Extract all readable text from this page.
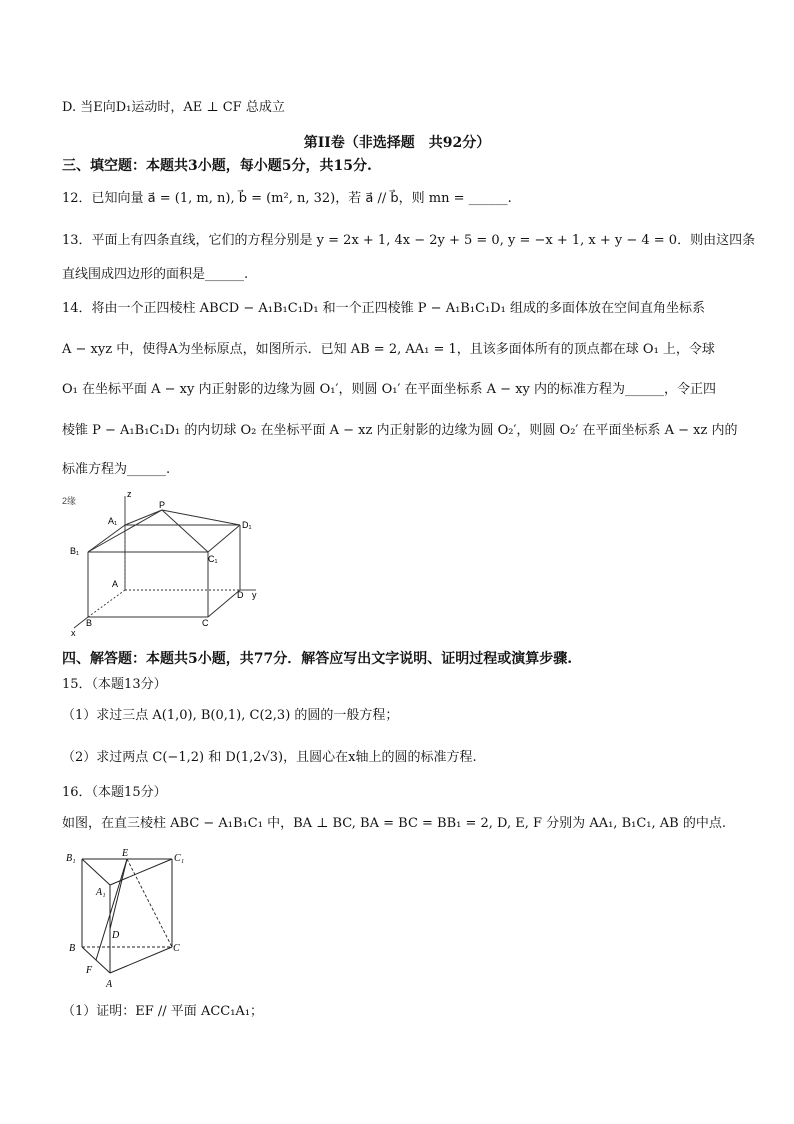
D. 当E向D₁运动时，AE ⊥ CF 总成立
第II卷（非选择题　共92分）
三、填空题：本题共3小题，每小题5分，共15分.
12．已知向量 a⃗ = (1, m, n), b⃗ = (m², n, 32)，若 a⃗ // b⃗，则 mn = ______.
13．平面上有四条直线，它们的方程分别是 y = 2x + 1, 4x − 2y + 5 = 0, y = −x + 1, x + y − 4 = 0．则由这四条
直线围成四边形的面积是______.
14．将由一个正四棱柱 ABCD − A₁B₁C₁D₁ 和一个正四棱锥 P − A₁B₁C₁D₁ 组成的多面体放在空间直角坐标系
A − xyz 中，使得A为坐标原点，如图所示．已知 AB = 2, AA₁ = 1，且该多面体所有的顶点都在球 O₁ 上，令球
O₁ 在坐标平面 A − xy 内正射影的边缘为圆 O₁′，则圆 O₁′ 在平面坐标系 A − xy 内的标准方程为______，令正四
棱锥 P − A₁B₁C₁D₁ 的内切球 O₂ 在坐标平面 A − xz 内正射影的边缘为圆 O₂′，则圆 O₂′ 在平面坐标系 A − xz 内的
标准方程为______.
2缘
z
x
y
P
A₁	D₁
B₁
C₁
A
B	C
D
四、解答题：本题共5小题，共77分．解答应写出文字说明、证明过程或演算步骤.
15．（本题13分）
（1）求过三点 A(1,0), B(0,1), C(2,3) 的圆的一般方程；
（2）求过两点 C(−1,2) 和 D(1,2√3)，且圆心在x轴上的圆的标准方程.
16．（本题15分）
如图，在直三棱柱 ABC − A₁B₁C₁ 中，BA ⊥ BC, BA = BC = BB₁ = 2, D, E, F 分别为 AA₁, B₁C₁, AB 的中点.
B₁	E	C₁
A₁
D
B	C
F
A
（1）证明：EF // 平面 ACC₁A₁；
